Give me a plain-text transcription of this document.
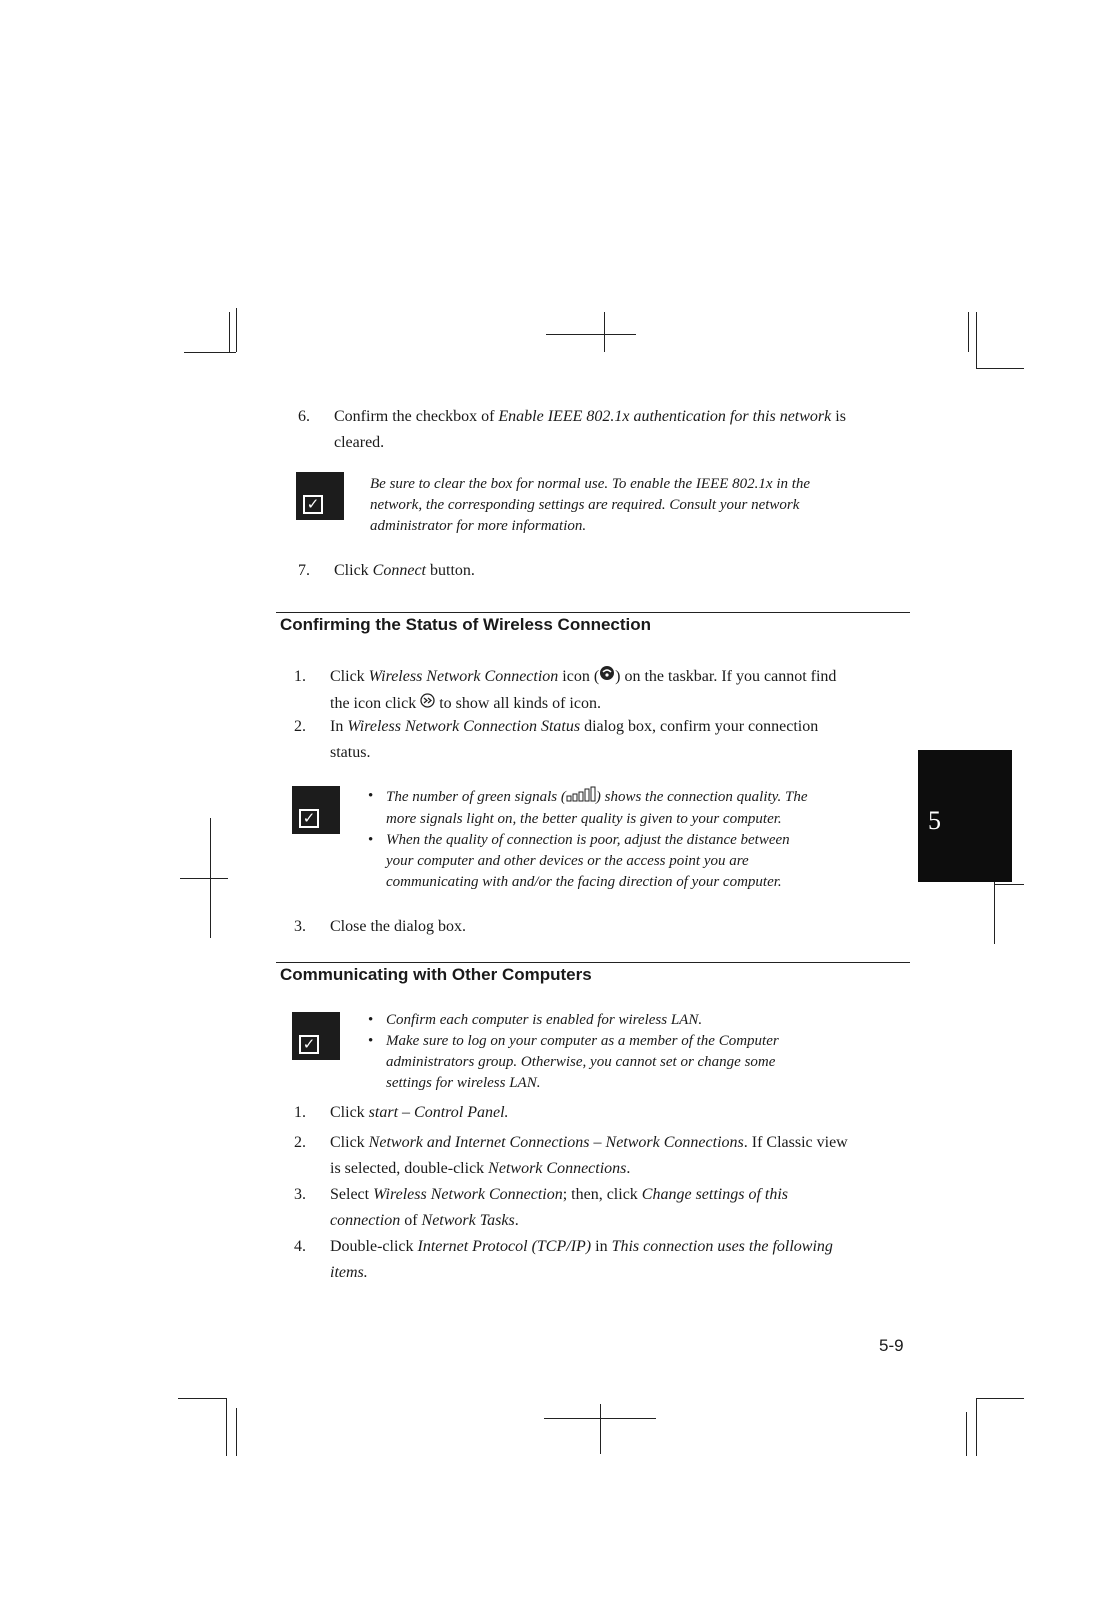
6. Confirm the checkbox of Enable IEEE 802.1x authentication for this network is
cleared.
✓
Be sure to clear the box for normal use. To enable the IEEE 802.1x in the
network, the corresponding settings are required. Consult your network
administrator for more information.
7. Click Connect button.
Confirming the Status of Wireless Connection
1. Click Wireless Network Connection icon ( ) on the taskbar. If you cannot find
the icon click  to show all kinds of icon.
2. In Wireless Network Connection Status dialog box, confirm your connection
status.
✓
• The number of green signals ( ) shows the connection quality. The
more signals light on, the better quality is given to your computer.
• When the quality of connection is poor, adjust the distance between
your computer and other devices or the access point you are
communicating with and/or the facing direction of your computer.
3. Close the dialog box.
Communicating with Other Computers
✓
• Confirm each computer is enabled for wireless LAN.
• Make sure to log on your computer as a member of the Computer
administrators group. Otherwise, you cannot set or change some
settings for wireless LAN.
1. Click start – Control Panel.
2. Click Network and Internet Connections – Network Connections. If Classic view
is selected, double-click Network Connections.
3. Select Wireless Network Connection; then, click Change settings of this
connection of Network Tasks.
4. Double-click Internet Protocol (TCP/IP) in This connection uses the following
items.
5
5-9
